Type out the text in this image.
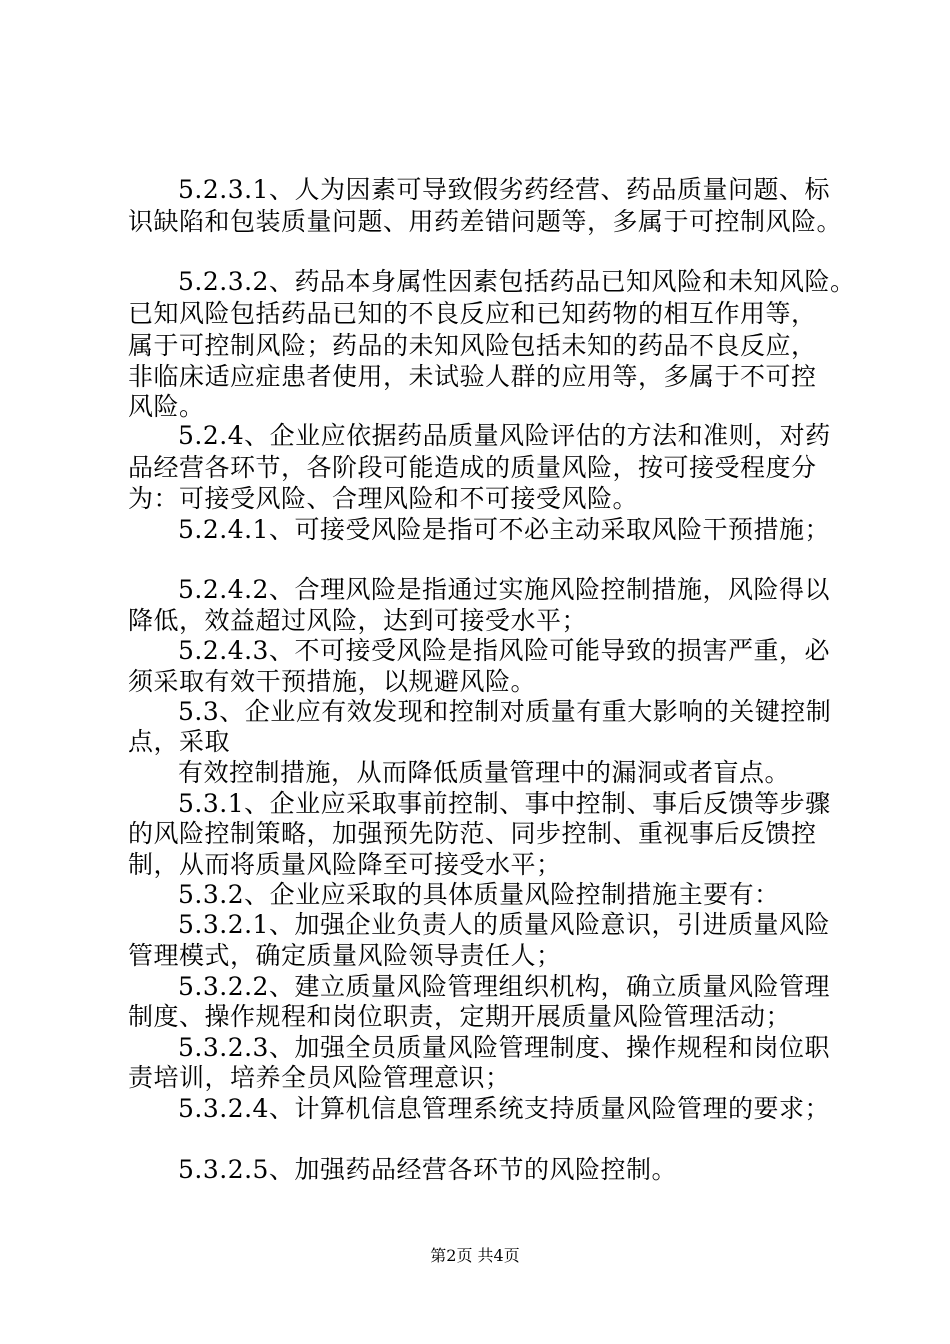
5.2.3.1、人为因素可导致假劣药经营、药品质量问题、标
识缺陷和包装质量问题、用药差错问题等，多属于可控制风险。
5.2.3.2、药品本身属性因素包括药品已知风险和未知风险。
已知风险包括药品已知的不良反应和已知药物的相互作用等，
属于可控制风险；药品的未知风险包括未知的药品不良反应，
非临床适应症患者使用，未试验人群的应用等，多属于不可控
风险。
5.2.4、企业应依据药品质量风险评估的方法和准则，对药
品经营各环节，各阶段可能造成的质量风险，按可接受程度分
为：可接受风险、合理风险和不可接受风险。
5.2.4.1、可接受风险是指可不必主动采取风险干预措施；
5.2.4.2、合理风险是指通过实施风险控制措施，风险得以
降低，效益超过风险，达到可接受水平；
5.2.4.3、不可接受风险是指风险可能导致的损害严重，必
须采取有效干预措施，以规避风险。
5.3、企业应有效发现和控制对质量有重大影响的关键控制
点，采取
有效控制措施，从而降低质量管理中的漏洞或者盲点。
5.3.1、企业应采取事前控制、事中控制、事后反馈等步骤
的风险控制策略，加强预先防范、同步控制、重视事后反馈控
制，从而将质量风险降至可接受水平；
5.3.2、企业应采取的具体质量风险控制措施主要有：
5.3.2.1、加强企业负责人的质量风险意识，引进质量风险
管理模式，确定质量风险领导责任人；
5.3.2.2、建立质量风险管理组织机构，确立质量风险管理
制度、操作规程和岗位职责，定期开展质量风险管理活动；
5.3.2.3、加强全员质量风险管理制度、操作规程和岗位职
责培训，培养全员风险管理意识；
5.3.2.4、计算机信息管理系统支持质量风险管理的要求；
5.3.2.5、加强药品经营各环节的风险控制。
第2页 共4页
